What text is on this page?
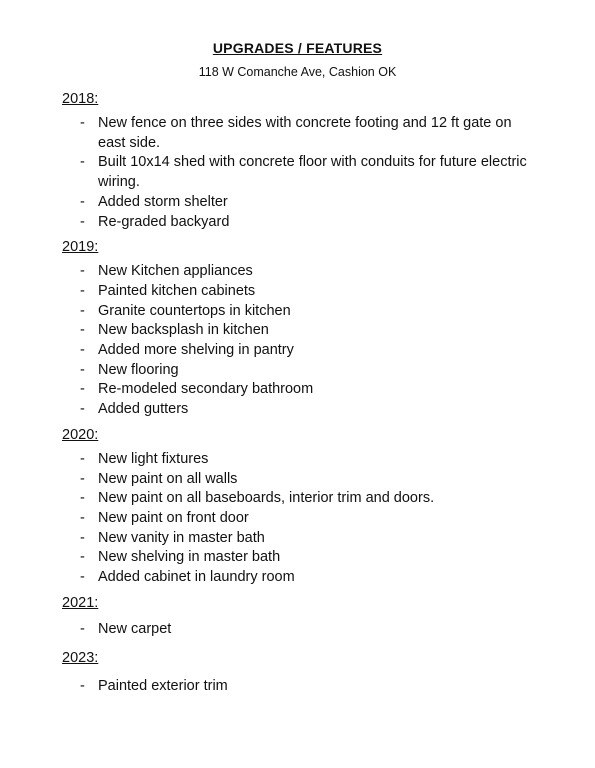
UPGRADES / FEATURES
118 W Comanche Ave, Cashion OK
2018:
- New fence on three sides with concrete footing and 12 ft gate on east side.
- Built 10x14 shed with concrete floor with conduits for future electric wiring.
- Added storm shelter
- Re-graded backyard
2019:
- New Kitchen appliances
- Painted kitchen cabinets
- Granite countertops in kitchen
- New backsplash in kitchen
- Added more shelving in pantry
- New flooring
- Re-modeled secondary bathroom
- Added gutters
2020:
- New light fixtures
- New paint on all walls
- New paint on all baseboards, interior trim and doors.
- New paint on front door
- New vanity in master bath
- New shelving in master bath
- Added cabinet in laundry room
2021:
- New carpet
2023:
- Painted exterior trim
